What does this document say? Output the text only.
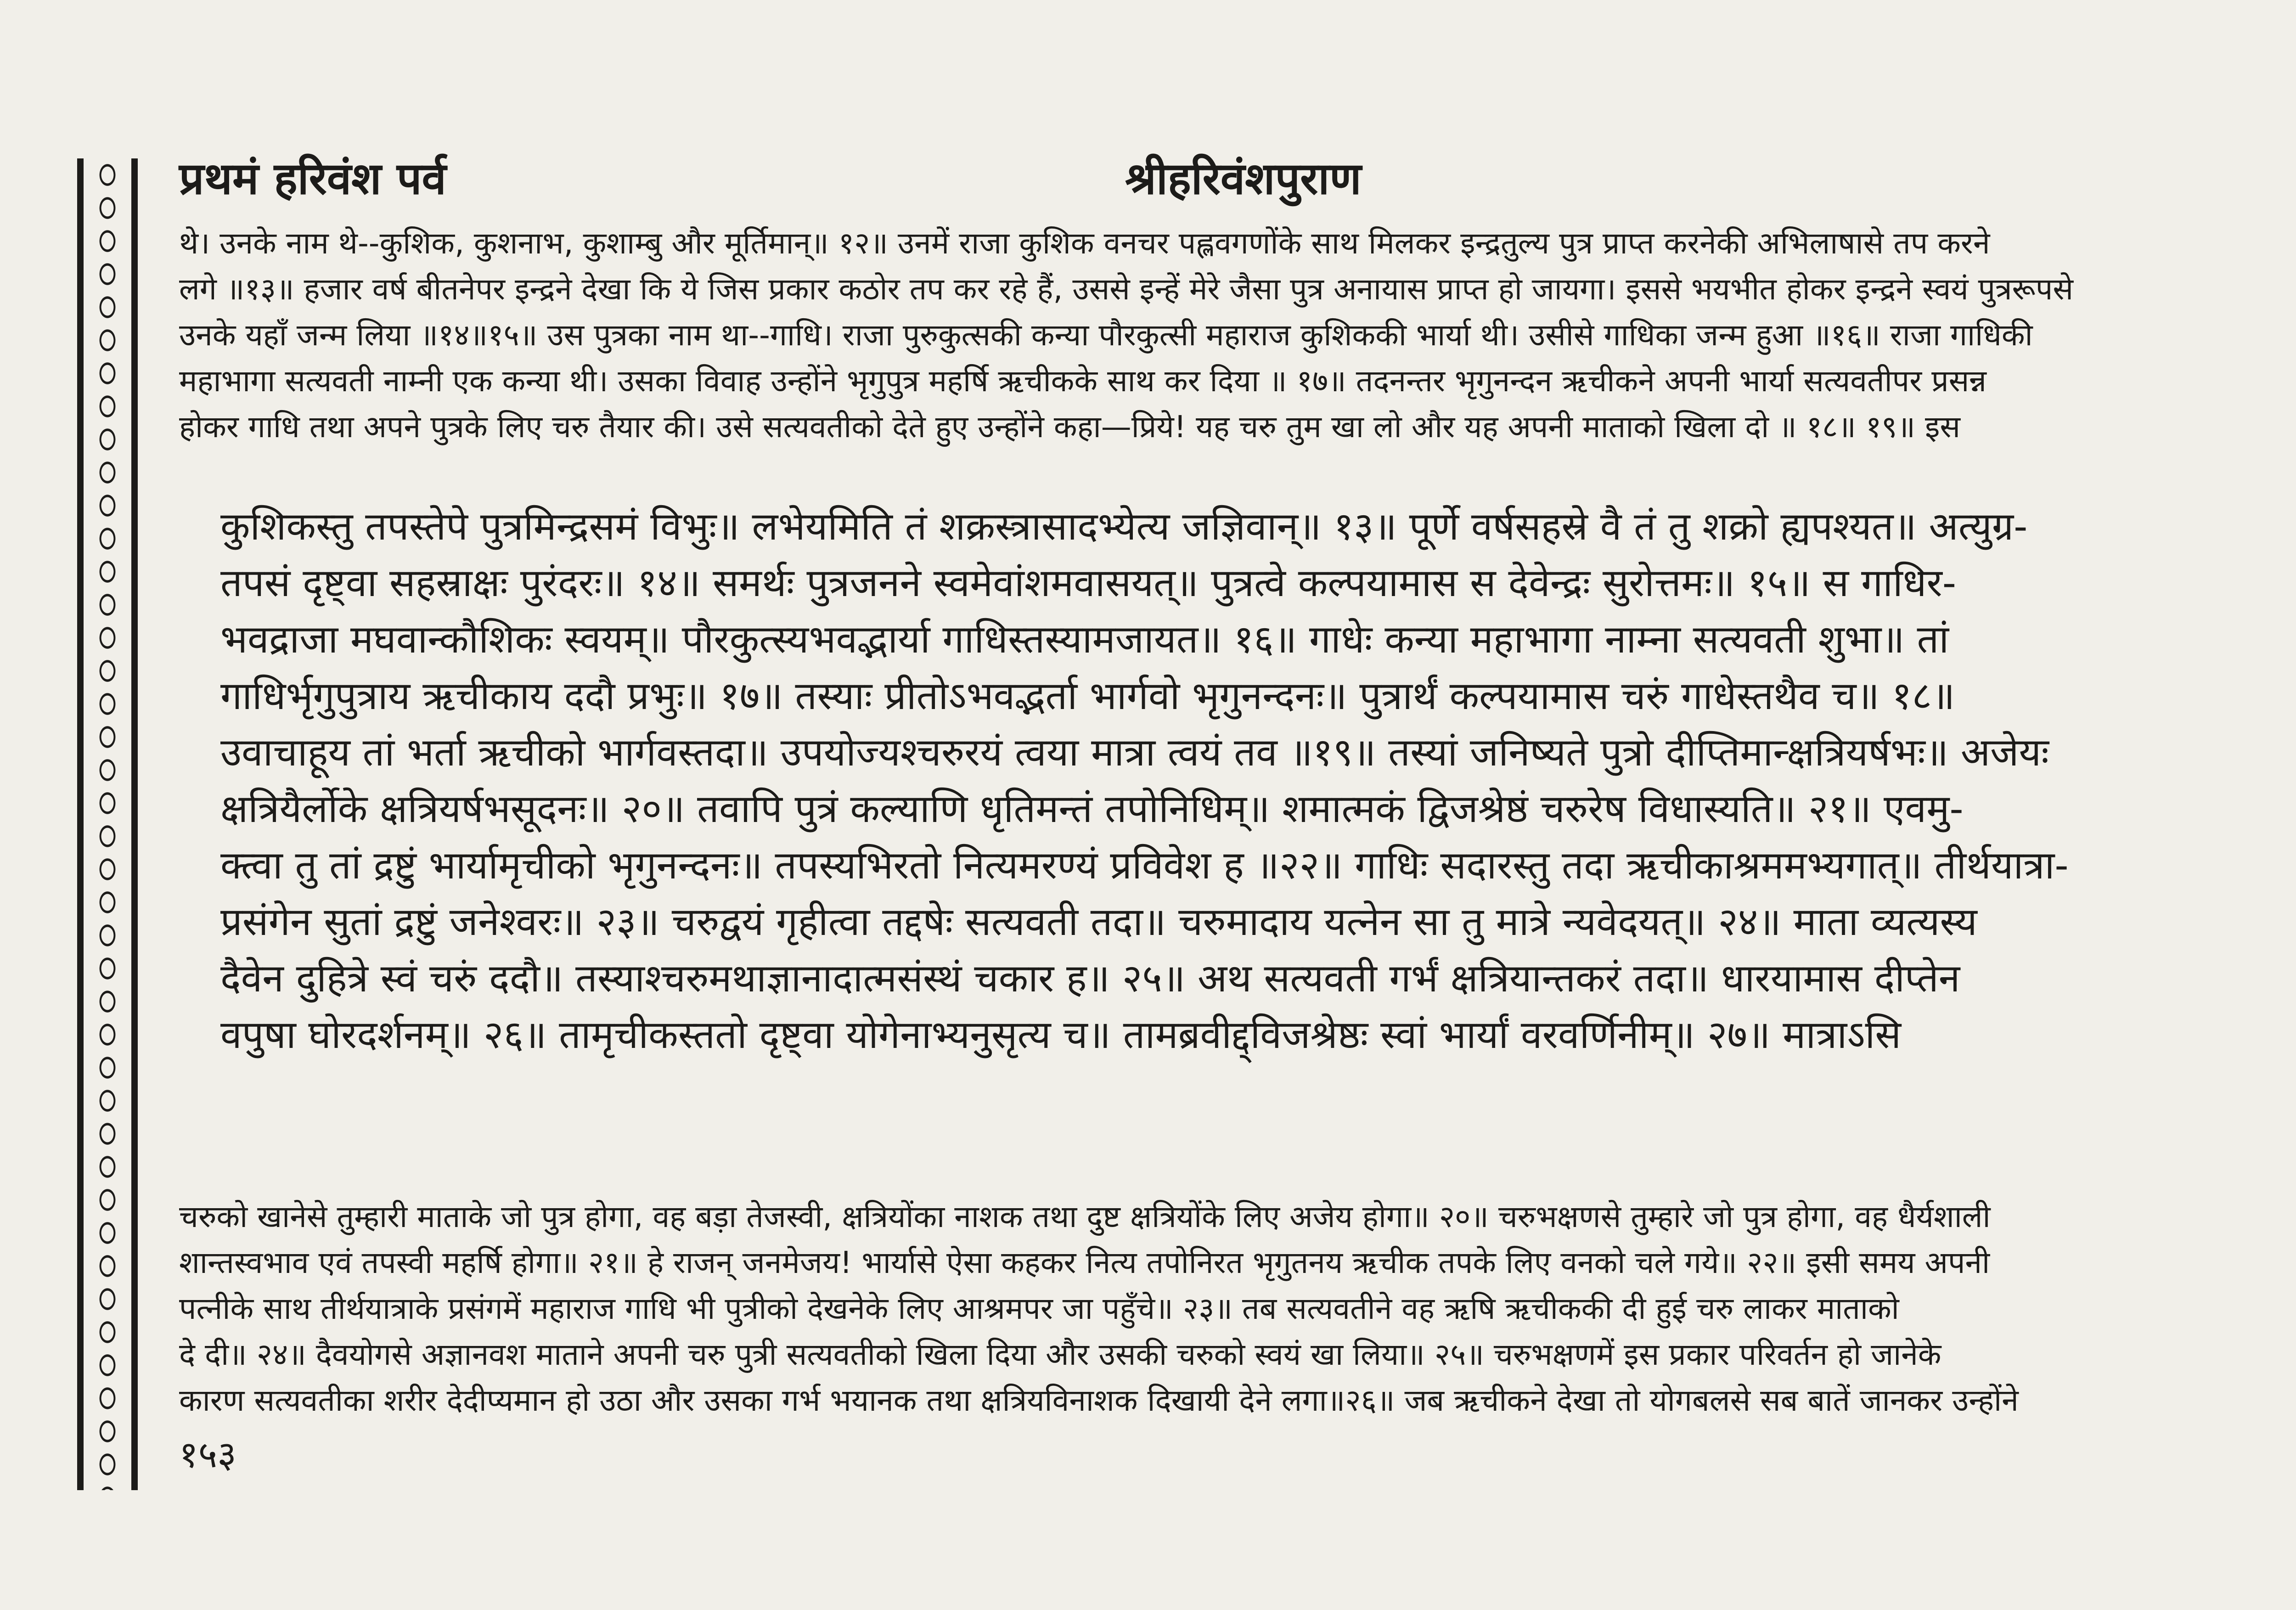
प्रथमं हरिवंश पर्व	श्रीहरिवंशपुराण
थे। उनके नाम थे--कुशिक, कुशनाभ, कुशाम्बु और मूर्तिमान्॥ १२॥ उनमें राजा कुशिक वनचर पह्लवगणोंके साथ मिलकर इन्द्रतुल्य पुत्र प्राप्त करनेकी अभिलाषासे तप करने
लगे ॥१३॥ हजार वर्ष बीतनेपर इन्द्रने देखा कि ये जिस प्रकार कठोर तप कर रहे हैं, उससे इन्हें मेरे जैसा पुत्र अनायास प्राप्त हो जायगा। इससे भयभीत होकर इन्द्रने स्वयं पुत्ररूपसे
उनके यहाँ जन्म लिया ॥१४॥१५॥ उस पुत्रका नाम था--गाधि। राजा पुरुकुत्सकी कन्या पौरकुत्सी महाराज कुशिककी भार्या थी। उसीसे गाधिका जन्म हुआ ॥१६॥ राजा गाधिकी
महाभागा सत्यवती नाम्नी एक कन्या थी। उसका विवाह उन्होंने भृगुपुत्र महर्षि ऋचीकके साथ कर दिया ॥ १७॥ तदनन्तर भृगुनन्दन ऋचीकने अपनी भार्या सत्यवतीपर प्रसन्न
होकर गाधि तथा अपने पुत्रके लिए चरु तैयार की। उसे सत्यवतीको देते हुए उन्होंने कहा—प्रिये! यह चरु तुम खा लो और यह अपनी माताको खिला दो ॥ १८॥ १९॥ इस
कुशिकस्तु तपस्तेपे पुत्रमिन्द्रसमं विभुः॥ लभेयमिति तं शक्रस्त्रासादभ्येत्य जज्ञिवान्॥ १३॥ पूर्णे वर्षसहस्रे वै तं तु शक्रो ह्यपश्यत॥ अत्युग्र-
तपसं दृष्ट्वा सहस्राक्षः पुरंदरः॥ १४॥ समर्थः पुत्रजनने स्वमेवांशमवासयत्॥ पुत्रत्वे कल्पयामास स देवेन्द्रः सुरोत्तमः॥ १५॥ स गाधिर-
भवद्राजा मघवान्कौशिकः स्वयम्॥ पौरकुत्स्यभवद्भार्या गाधिस्तस्यामजायत॥ १६॥ गाधेः कन्या महाभागा नाम्ना सत्यवती शुभा॥ तां
गाधिर्भृगुपुत्राय ऋचीकाय ददौ प्रभुः॥ १७॥ तस्याः प्रीतोऽभवद्भर्ता भार्गवो भृगुनन्दनः॥ पुत्रार्थं कल्पयामास चरुं गाधेस्तथैव च॥ १८॥
उवाचाहूय तां भर्ता ऋचीको भार्गवस्तदा॥ उपयोज्यश्चरुरयं त्वया मात्रा त्वयं तव ॥१९॥ तस्यां जनिष्यते पुत्रो दीप्तिमान्क्षत्रियर्षभः॥ अजेयः
क्षत्रियैर्लोके क्षत्रियर्षभसूदनः॥ २०॥ तवापि पुत्रं कल्याणि धृतिमन्तं तपोनिधिम्॥ शमात्मकं द्विजश्रेष्ठं चरुरेष विधास्यति॥ २१॥ एवमु-
क्त्वा तु तां द्रष्टुं भार्यामृचीको भृगुनन्दनः॥ तपस्यभिरतो नित्यमरण्यं प्रविवेश ह ॥२२॥ गाधिः सदारस्तु तदा ऋचीकाश्रममभ्यगात्॥ तीर्थयात्रा-
प्रसंगेन सुतां द्रष्टुं जनेश्वरः॥ २३॥ चरुद्वयं गृहीत्वा तद्दषेः सत्यवती तदा॥ चरुमादाय यत्नेन सा तु मात्रे न्यवेदयत्॥ २४॥ माता व्यत्यस्य
दैवेन दुहित्रे स्वं चरुं ददौ॥ तस्याश्चरुमथाज्ञानादात्मसंस्थं चकार ह॥ २५॥ अथ सत्यवती गर्भं क्षत्रियान्तकरं तदा॥ धारयामास दीप्तेन
वपुषा घोरदर्शनम्॥ २६॥ तामृचीकस्ततो दृष्ट्वा योगेनाभ्यनुसृत्य च॥ तामब्रवीद्द्विजश्रेष्ठः स्वां भार्यां वरवर्णिनीम्॥ २७॥ मात्राऽसि
चरुको खानेसे तुम्हारी माताके जो पुत्र होगा, वह बड़ा तेजस्वी, क्षत्रियोंका नाशक तथा दुष्ट क्षत्रियोंके लिए अजेय होगा॥ २०॥ चरुभक्षणसे तुम्हारे जो पुत्र होगा, वह धैर्यशाली
शान्तस्वभाव एवं तपस्वी महर्षि होगा॥ २१॥ हे राजन् जनमेजय! भार्यासे ऐसा कहकर नित्य तपोनिरत भृगुतनय ऋचीक तपके लिए वनको चले गये॥ २२॥ इसी समय अपनी
पत्नीके साथ तीर्थयात्राके प्रसंगमें महाराज गाधि भी पुत्रीको देखनेके लिए आश्रमपर जा पहुँचे॥ २३॥ तब सत्यवतीने वह ऋषि ऋचीककी दी हुई चरु लाकर माताको
दे दी॥ २४॥ दैवयोगसे अज्ञानवश माताने अपनी चरु पुत्री सत्यवतीको खिला दिया और उसकी चरुको स्वयं खा लिया॥ २५॥ चरुभक्षणमें इस प्रकार परिवर्तन हो जानेके
कारण सत्यवतीका शरीर देदीप्यमान हो उठा और उसका गर्भ भयानक तथा क्षत्रियविनाशक दिखायी देने लगा॥२६॥ जब ऋचीकने देखा तो योगबलसे सब बातें जानकर उन्होंने
१५३
